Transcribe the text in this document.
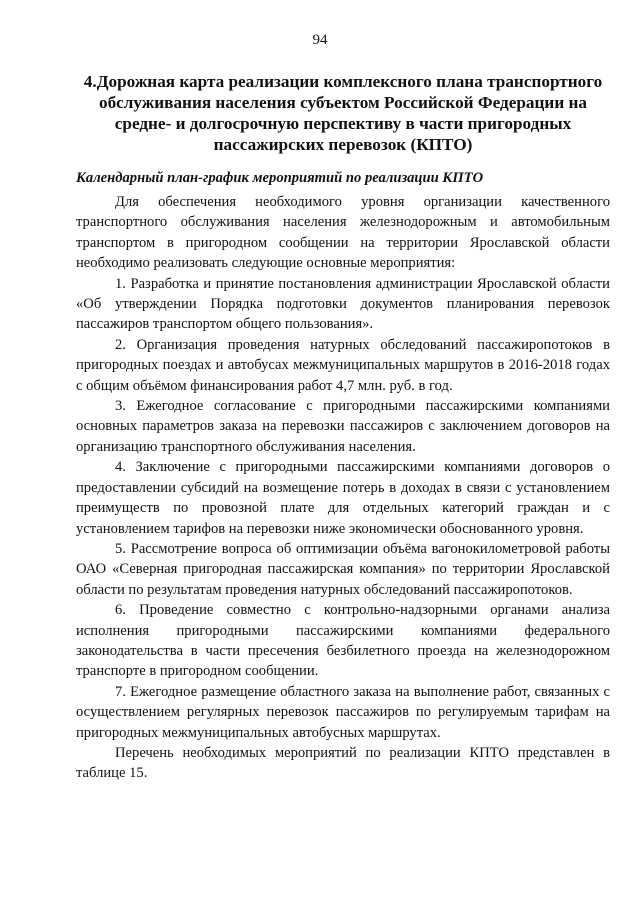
94
4.Дорожная карта реализации комплексного плана транспортного обслуживания населения субъектом Российской Федерации на средне- и долгосрочную перспективу в части пригородных пассажирских перевозок (КПТО)
Календарный план-график мероприятий по реализации КПТО

Для обеспечения необходимого уровня организации качественного транспортного обслуживания населения железнодорожным и автомобильным транспортом в пригородном сообщении на территории Ярославской области необходимо реализовать следующие основные мероприятия:

1. Разработка и принятие постановления администрации Ярославской области «Об утверждении Порядка подготовки документов планирования перевозок пассажиров транспортом общего пользования».

2. Организация проведения натурных обследований пассажиропотоков в пригородных поездах и автобусах межмуниципальных маршрутов в 2016-2018 годах с общим объёмом финансирования работ 4,7 млн. руб. в год.

3. Ежегодное согласование с пригородными пассажирскими компаниями основных параметров заказа на перевозки пассажиров с заключением договоров на организацию транспортного обслуживания населения.

4. Заключение с пригородными пассажирскими компаниями договоров о предоставлении субсидий на возмещение потерь в доходах в связи с установлением преимуществ по провозной плате для отдельных категорий граждан и с установлением тарифов на перевозки ниже экономически обоснованного уровня.

5. Рассмотрение вопроса об оптимизации объёма вагонокилометровой работы ОАО «Северная пригородная пассажирская компания» по территории Ярославской области по результатам проведения натурных обследований пассажиропотоков.

6. Проведение совместно с контрольно-надзорными органами анализа исполнения пригородными пассажирскими компаниями федерального законодательства в части пресечения безбилетного проезда на железнодорожном транспорте в пригородном сообщении.

7. Ежегодное размещение областного заказа на выполнение работ, связанных с осуществлением регулярных перевозок пассажиров по регулируемым тарифам на пригородных межмуниципальных автобусных маршрутах.

Перечень необходимых мероприятий по реализации КПТО представлен в таблице 15.
